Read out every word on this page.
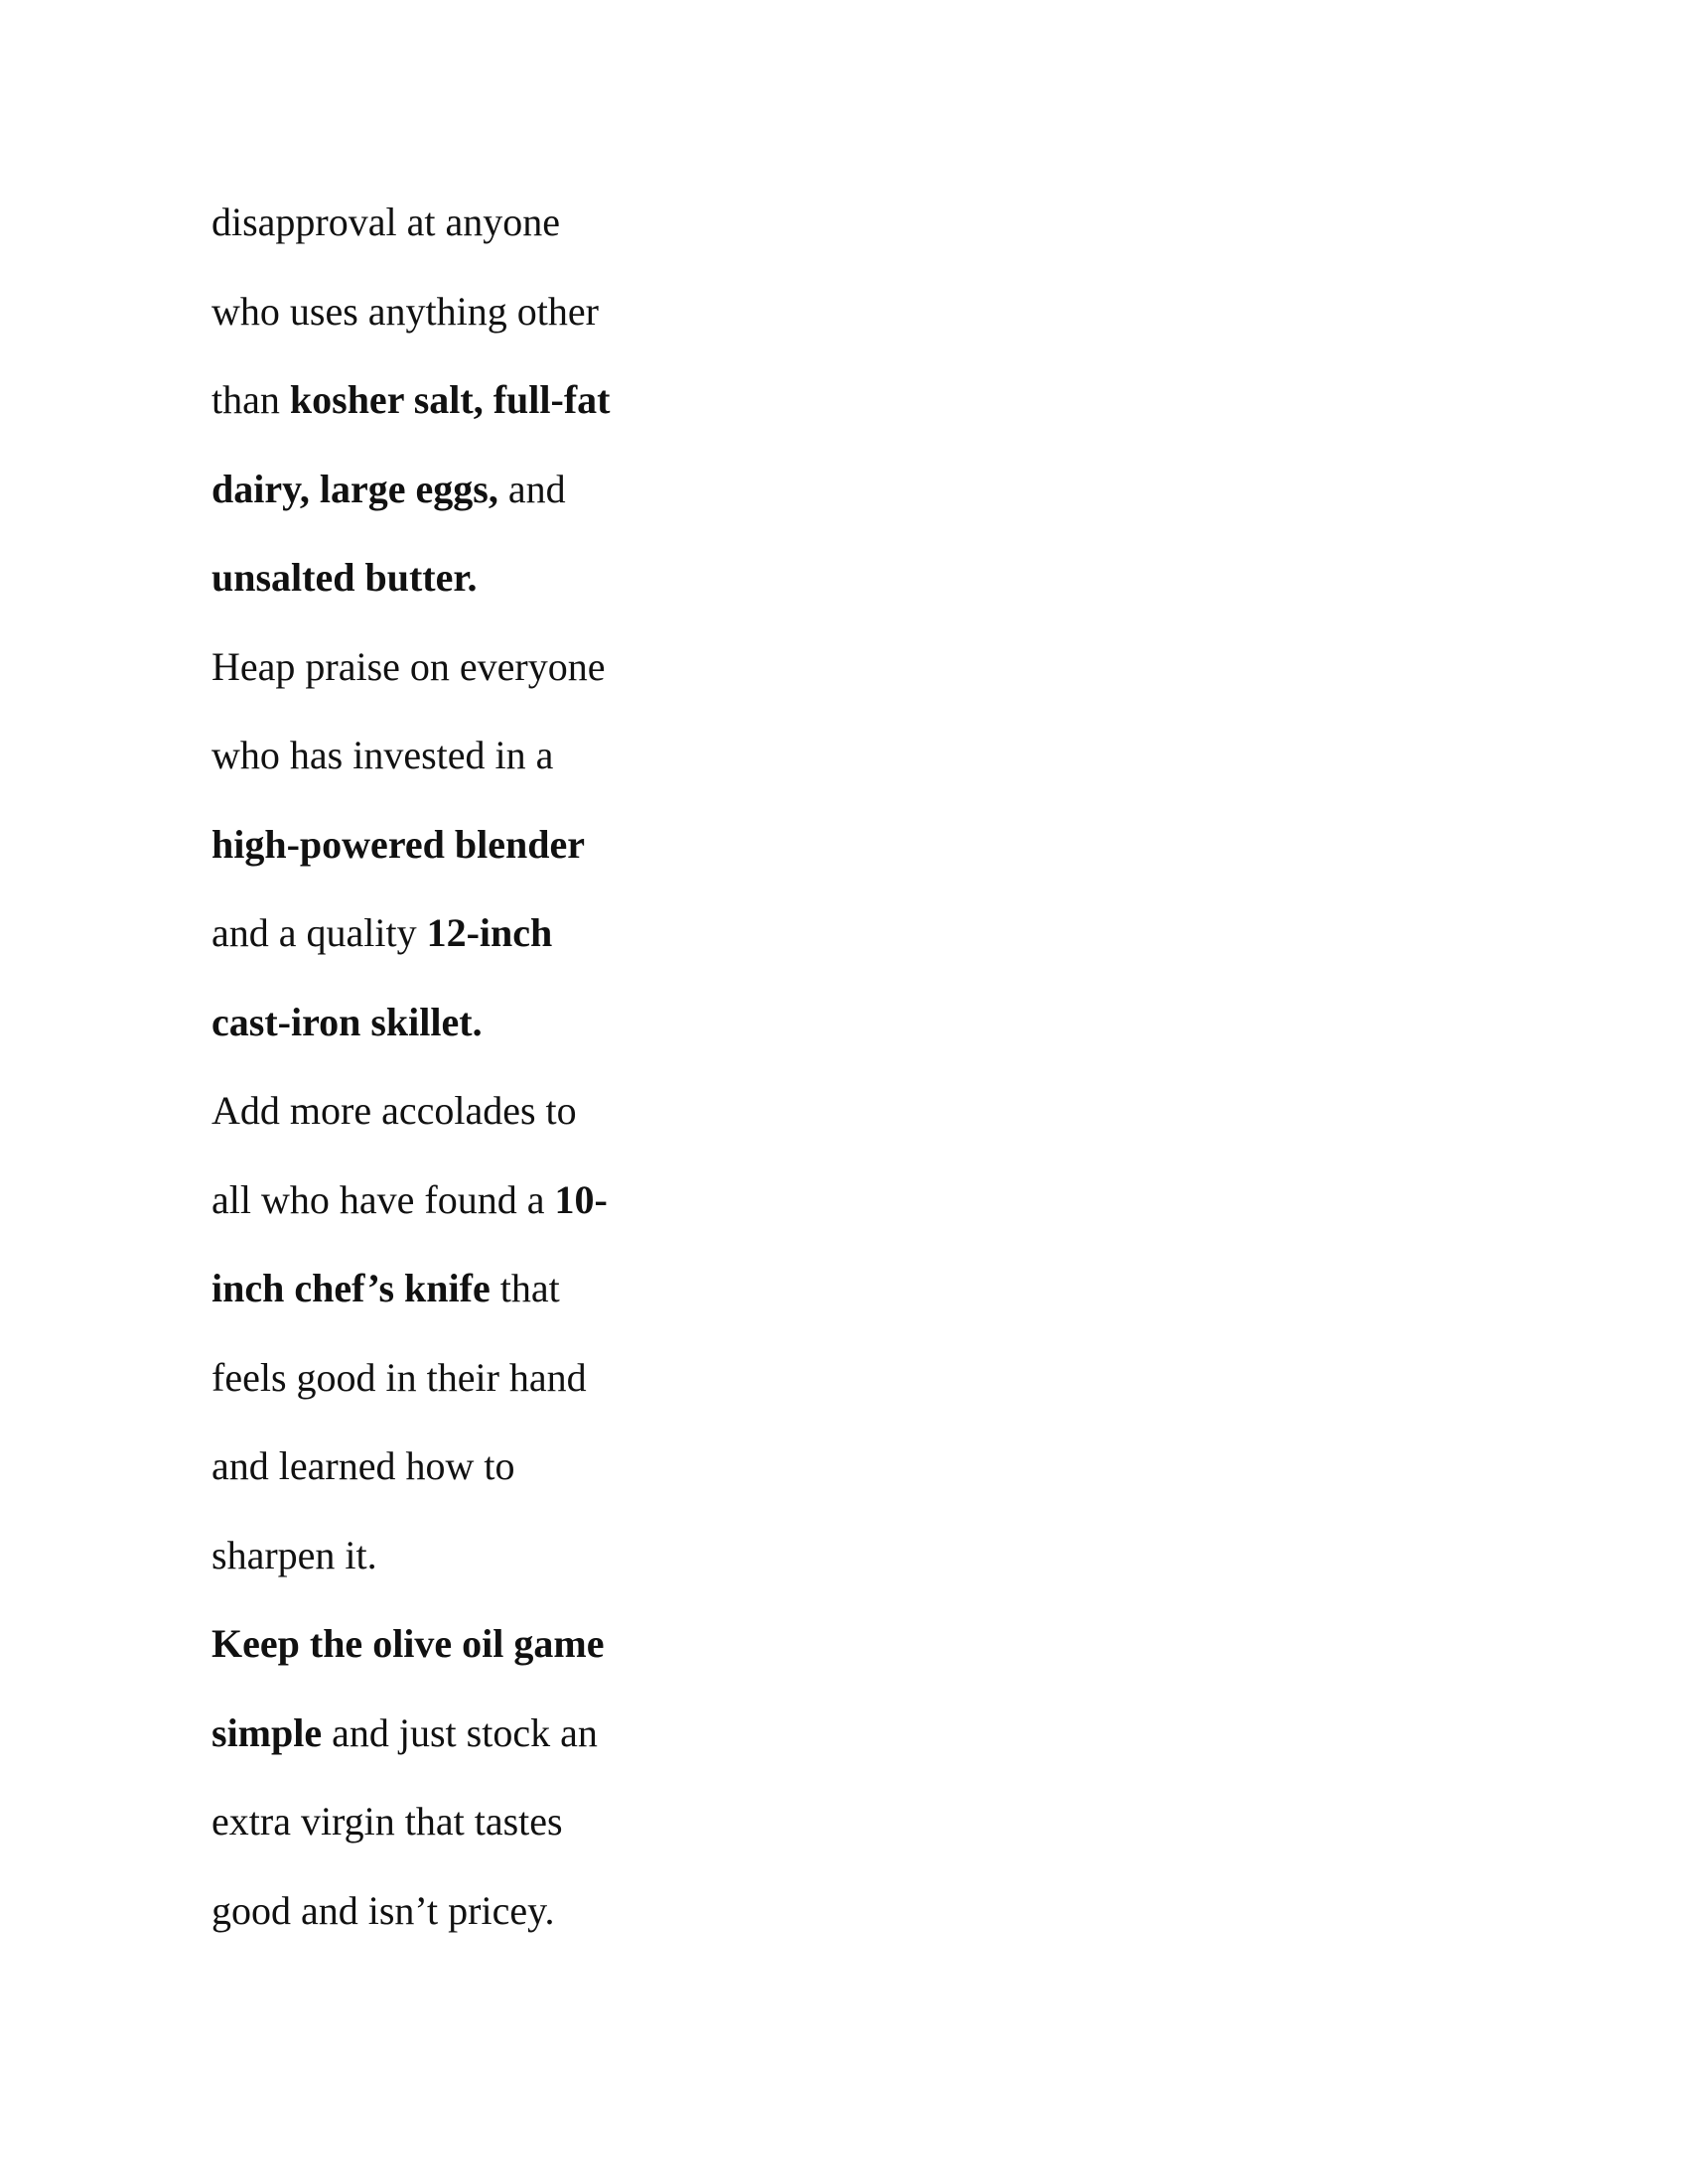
disapproval at anyone
who uses anything other
than kosher salt, full-fat
dairy, large eggs, and
unsalted butter.
Heap praise on everyone
who has invested in a
high-powered blender
and a quality 12-inch
cast-iron skillet.
Add more accolades to
all who have found a 10-
inch chef’s knife that
feels good in their hand
and learned how to
sharpen it.
Keep the olive oil game
simple and just stock an
extra virgin that tastes
good and isn’t pricey.
